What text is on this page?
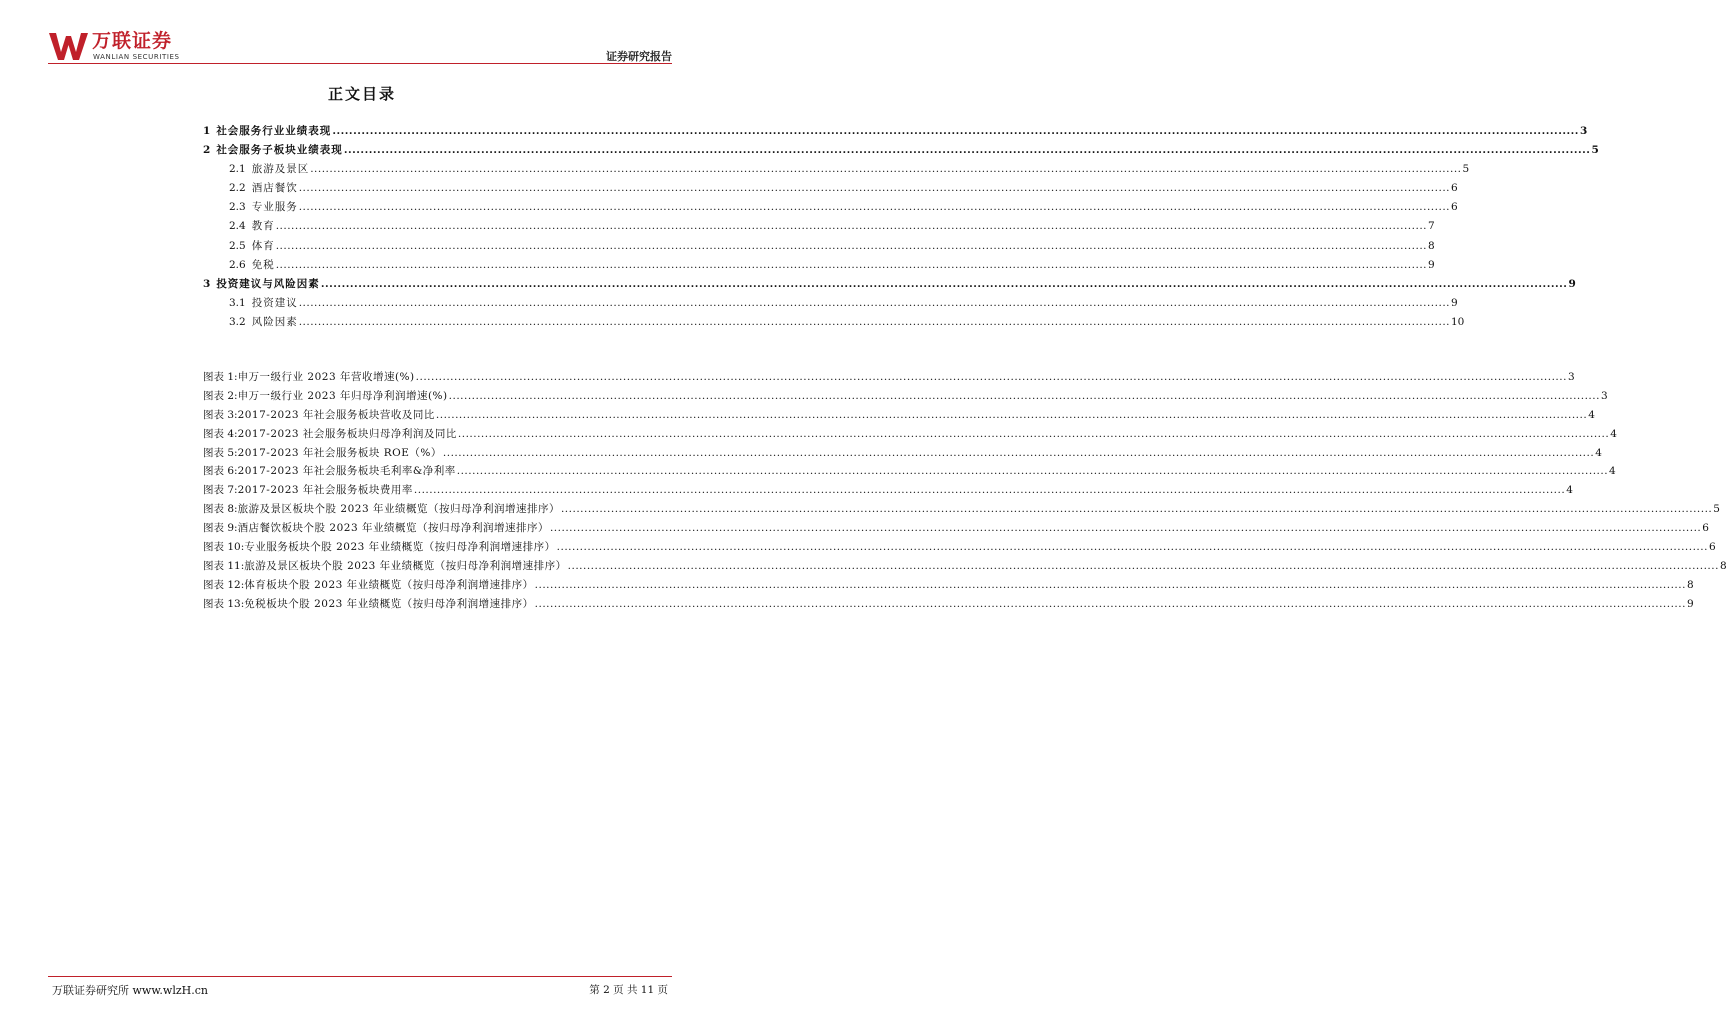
万联证券
WANLIAN SECURITIES	证券研究报告
正文目录
1 社会服务行业业绩表现 ............................................................................................................................................................................................................................................................................................................ 3
2 社会服务子板块业绩表现 ............................................................................................................................................................................................................................................................................................................ 5
2.1 旅游及景区 ............................................................................................................................................................................................................................................................................................................ 5
2.2 酒店餐饮 ............................................................................................................................................................................................................................................................................................................ 6
2.3 专业服务 ............................................................................................................................................................................................................................................................................................................ 6
2.4 教育 ............................................................................................................................................................................................................................................................................................................ 7
2.5 体育 ............................................................................................................................................................................................................................................................................................................ 8
2.6 免税 ............................................................................................................................................................................................................................................................................................................ 9
3 投资建议与风险因素 ............................................................................................................................................................................................................................................................................................................ 9
3.1 投资建议 ............................................................................................................................................................................................................................................................................................................ 9
3.2 风险因素 ............................................................................................................................................................................................................................................................................................................ 10
图表 1: 申万一级行业 2023 年营收增速(%) ............................................................................................................................................................................................................................................................................................................ 3
图表 2: 申万一级行业 2023 年归母净利润增速(%) ............................................................................................................................................................................................................................................................................................................ 3
图表 3: 2017-2023 年社会服务板块营收及同比 ............................................................................................................................................................................................................................................................................................................ 4
图表 4: 2017-2023 社会服务板块归母净利润及同比 ............................................................................................................................................................................................................................................................................................................ 4
图表 5: 2017-2023 年社会服务板块 ROE（%） ............................................................................................................................................................................................................................................................................................................ 4
图表 6: 2017-2023 年社会服务板块毛利率&净利率 ............................................................................................................................................................................................................................................................................................................ 4
图表 7: 2017-2023 年社会服务板块费用率 ............................................................................................................................................................................................................................................................................................................ 4
图表 8: 旅游及景区板块个股 2023 年业绩概览（按归母净利润增速排序） ............................................................................................................................................................................................................................................................................................................ 5
图表 9: 酒店餐饮板块个股 2023 年业绩概览（按归母净利润增速排序） ............................................................................................................................................................................................................................................................................................................ 6
图表 10: 专业服务板块个股 2023 年业绩概览（按归母净利润增速排序） ............................................................................................................................................................................................................................................................................................................ 6
图表 11: 旅游及景区板块个股 2023 年业绩概览（按归母净利润增速排序） ............................................................................................................................................................................................................................................................................................................ 8
图表 12: 体育板块个股 2023 年业绩概览（按归母净利润增速排序） ............................................................................................................................................................................................................................................................................................................ 8
图表 13: 免税板块个股 2023 年业绩概览（按归母净利润增速排序） ............................................................................................................................................................................................................................................................................................................ 9
万联证券研究所 www.wlzH.cn	第 2 页 共 11 页
